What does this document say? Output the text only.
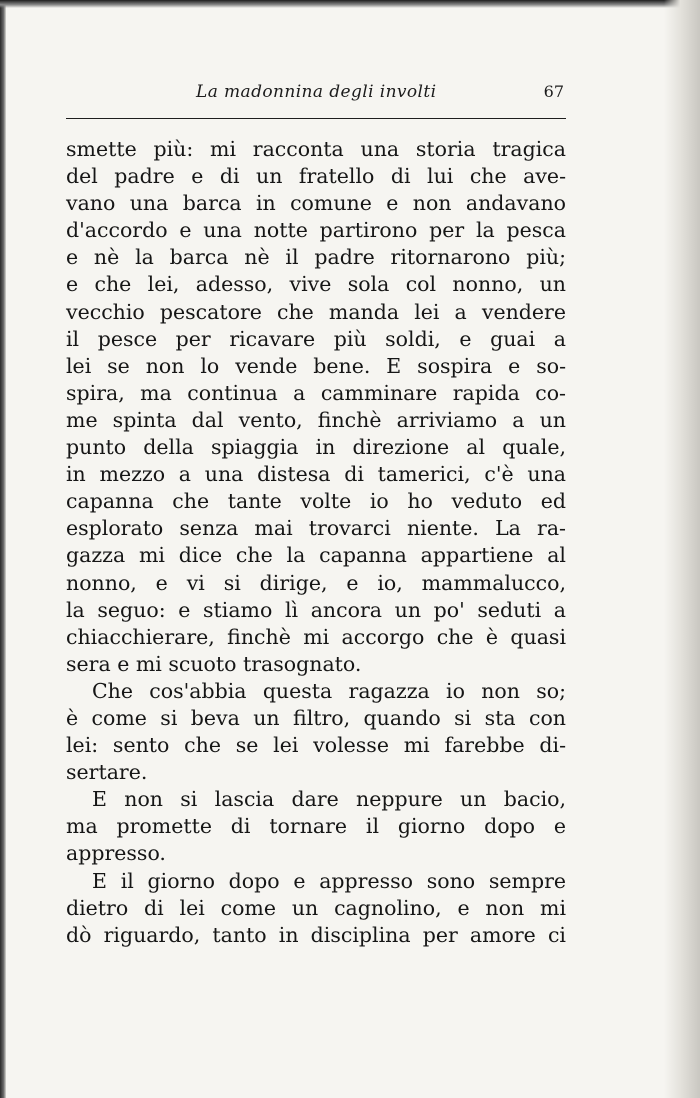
La madonnina degli involti	67
smette più: mi racconta una storia tragica
del padre e di un fratello di lui che ave-
vano una barca in comune e non andavano
d'accordo e una notte partirono per la pesca
e nè la barca nè il padre ritornarono più;
e che lei, adesso, vive sola col nonno, un
vecchio pescatore che manda lei a vendere
il pesce per ricavare più soldi, e guai a
lei se non lo vende bene. E sospira e so-
spira, ma continua a camminare rapida co-
me spinta dal vento, finchè arriviamo a un
punto della spiaggia in direzione al quale,
in mezzo a una distesa di tamerici, c'è una
capanna che tante volte io ho veduto ed
esplorato senza mai trovarci niente. La ra-
gazza mi dice che la capanna appartiene al
nonno, e vi si dirige, e io, mammalucco,
la seguo: e stiamo lì ancora un po' seduti a
chiacchierare, finchè mi accorgo che è quasi
sera e mi scuoto trasognato.
Che cos'abbia questa ragazza io non so;
è come si beva un filtro, quando si sta con
lei: sento che se lei volesse mi farebbe di-
sertare.
E non si lascia dare neppure un bacio,
ma promette di tornare il giorno dopo e
appresso.
E il giorno dopo e appresso sono sempre
dietro di lei come un cagnolino, e non mi
dò riguardo, tanto in disciplina per amore ci
